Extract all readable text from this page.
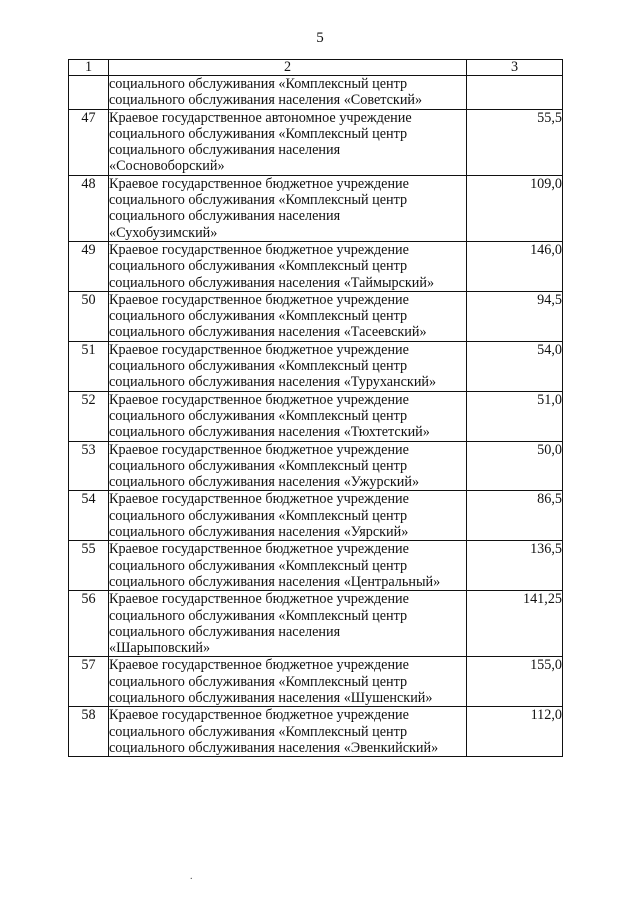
5
1	2	3

	социального обслуживания «Комплексный центр
социального обслуживания населения «Советский»	

47	Краевое государственное автономное учреждение
социального обслуживания «Комплексный центр
социального обслуживания населения
«Сосновоборский»	55,5
48	Краевое государственное бюджетное учреждение
социального обслуживания «Комплексный центр
социального обслуживания населения
«Сухобузимский»	109,0
49	Краевое государственное бюджетное учреждение
социального обслуживания «Комплексный центр
социального обслуживания населения «Таймырский»	146,0
50	Краевое государственное бюджетное учреждение
социального обслуживания «Комплексный центр
социального обслуживания населения «Тасеевский»	94,5
51	Краевое государственное бюджетное учреждение
социального обслуживания «Комплексный центр
социального обслуживания населения «Туруханский»	54,0
52	Краевое государственное бюджетное учреждение
социального обслуживания «Комплексный центр
социального обслуживания населения «Тюхтетский»	51,0
53	Краевое государственное бюджетное учреждение
социального обслуживания «Комплексный центр
социального обслуживания населения «Ужурский»	50,0
54	Краевое государственное бюджетное учреждение
социального обслуживания «Комплексный центр
социального обслуживания населения «Уярский»	86,5
55	Краевое государственное бюджетное учреждение
социального обслуживания «Комплексный центр
социального обслуживания населения «Центральный»	136,5
56	Краевое государственное бюджетное учреждение
социального обслуживания «Комплексный центр
социального обслуживания населения
«Шарыповский»	141,25
57	Краевое государственное бюджетное учреждение
социального обслуживания «Комплексный центр
социального обслуживания населения «Шушенский»	155,0
58	Краевое государственное бюджетное учреждение
социального обслуживания «Комплексный центр
социального обслуживания населения «Эвенкийский»	112,0
.
